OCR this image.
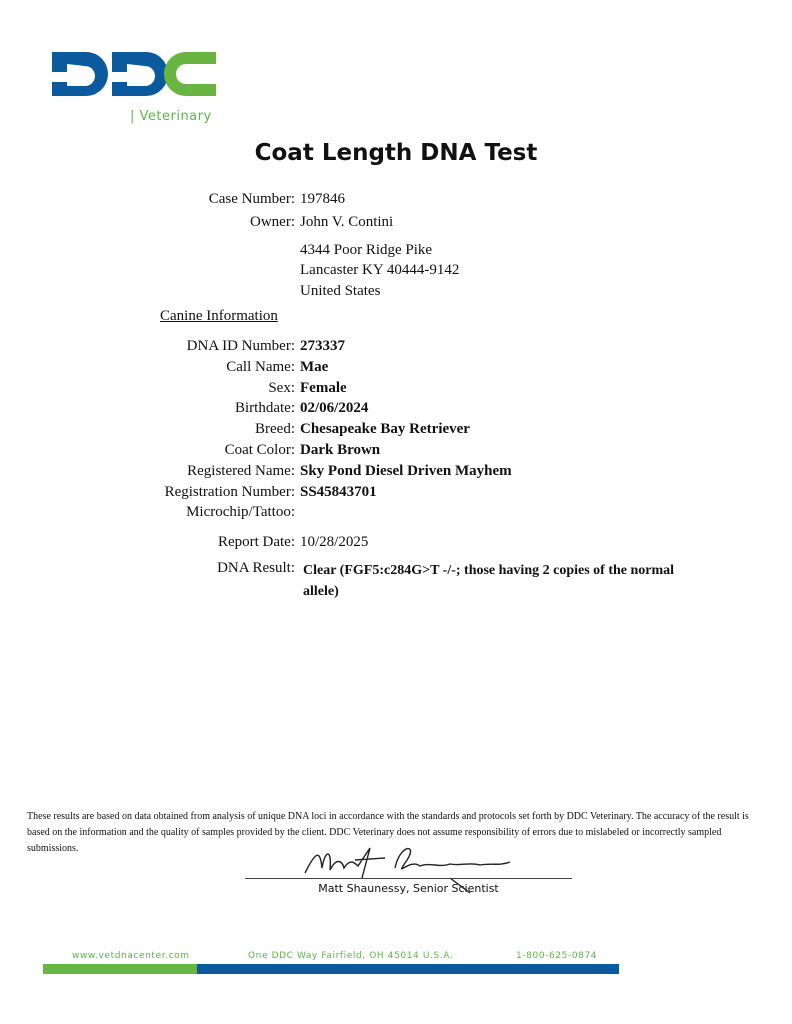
| Veterinary
Coat Length DNA Test
Case Number: 197846
Owner: John V. Contini
4344 Poor Ridge Pike
Lancaster KY 40444-9142
United States
Canine Information
DNA ID Number: 273337
Call Name: Mae
Sex: Female
Birthdate: 02/06/2024
Breed: Chesapeake Bay Retriever
Coat Color: Dark Brown
Registered Name: Sky Pond Diesel Driven Mayhem
Registration Number: SS45843701
Microchip/Tattoo:
Report Date: 10/28/2025
DNA Result: Clear (FGF5:c284G>T -/-; those having 2 copies of the normal allele)
These results are based on data obtained from analysis of unique DNA loci in accordance with the standards and protocols set forth by DDC Veterinary. The accuracy of the result is based on the information and the quality of samples provided by the client. DDC Veterinary does not assume responsibility of errors due to mislabeled or incorrectly sampled submissions.
Matt Shaunessy, Senior Scientist
www.vetdnacenter.com	One DDC Way Fairfield, OH 45014 U.S.A.	1-800-625-0874
